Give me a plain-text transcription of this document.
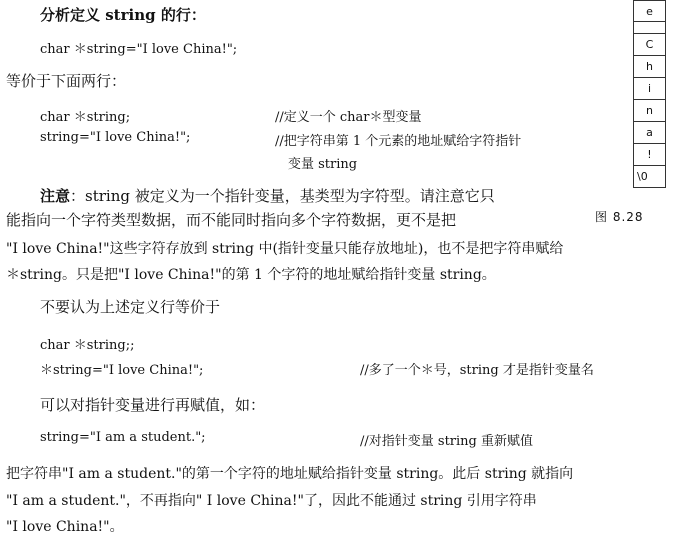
分析定义 string 的行：
char ＊string="I love China!";
等价于下面两行：
char ＊string;	//定义一个 char＊型变量
string="I love China!";	//把字符串第 1 个元素的地址赋给字符指针
变量 string
注意：string 被定义为一个指针变量，基类型为字符型。请注意它只
能指向一个字符类型数据，而不能同时指向多个字符数据，更不是把
"I love China!"这些字符存放到 string 中(指针变量只能存放地址)，也不是把字符串赋给
＊string。只是把"I love China!"的第 1 个字符的地址赋给指针变量 string。
不要认为上述定义行等价于
char ＊string;;
＊string="I love China!";	//多了一个＊号，string 才是指针变量名
可以对指针变量进行再赋值，如：
string="I am a student.";	//对指针变量 string 重新赋值
把字符串"I am a student."的第一个字符的地址赋给指针变量 string。此后 string 就指向
"I am a student."，不再指向" I love China!"了，因此不能通过 string 引用字符串
"I love China!"。
e
C
h
i
n
a
!
\0
图 8.28
